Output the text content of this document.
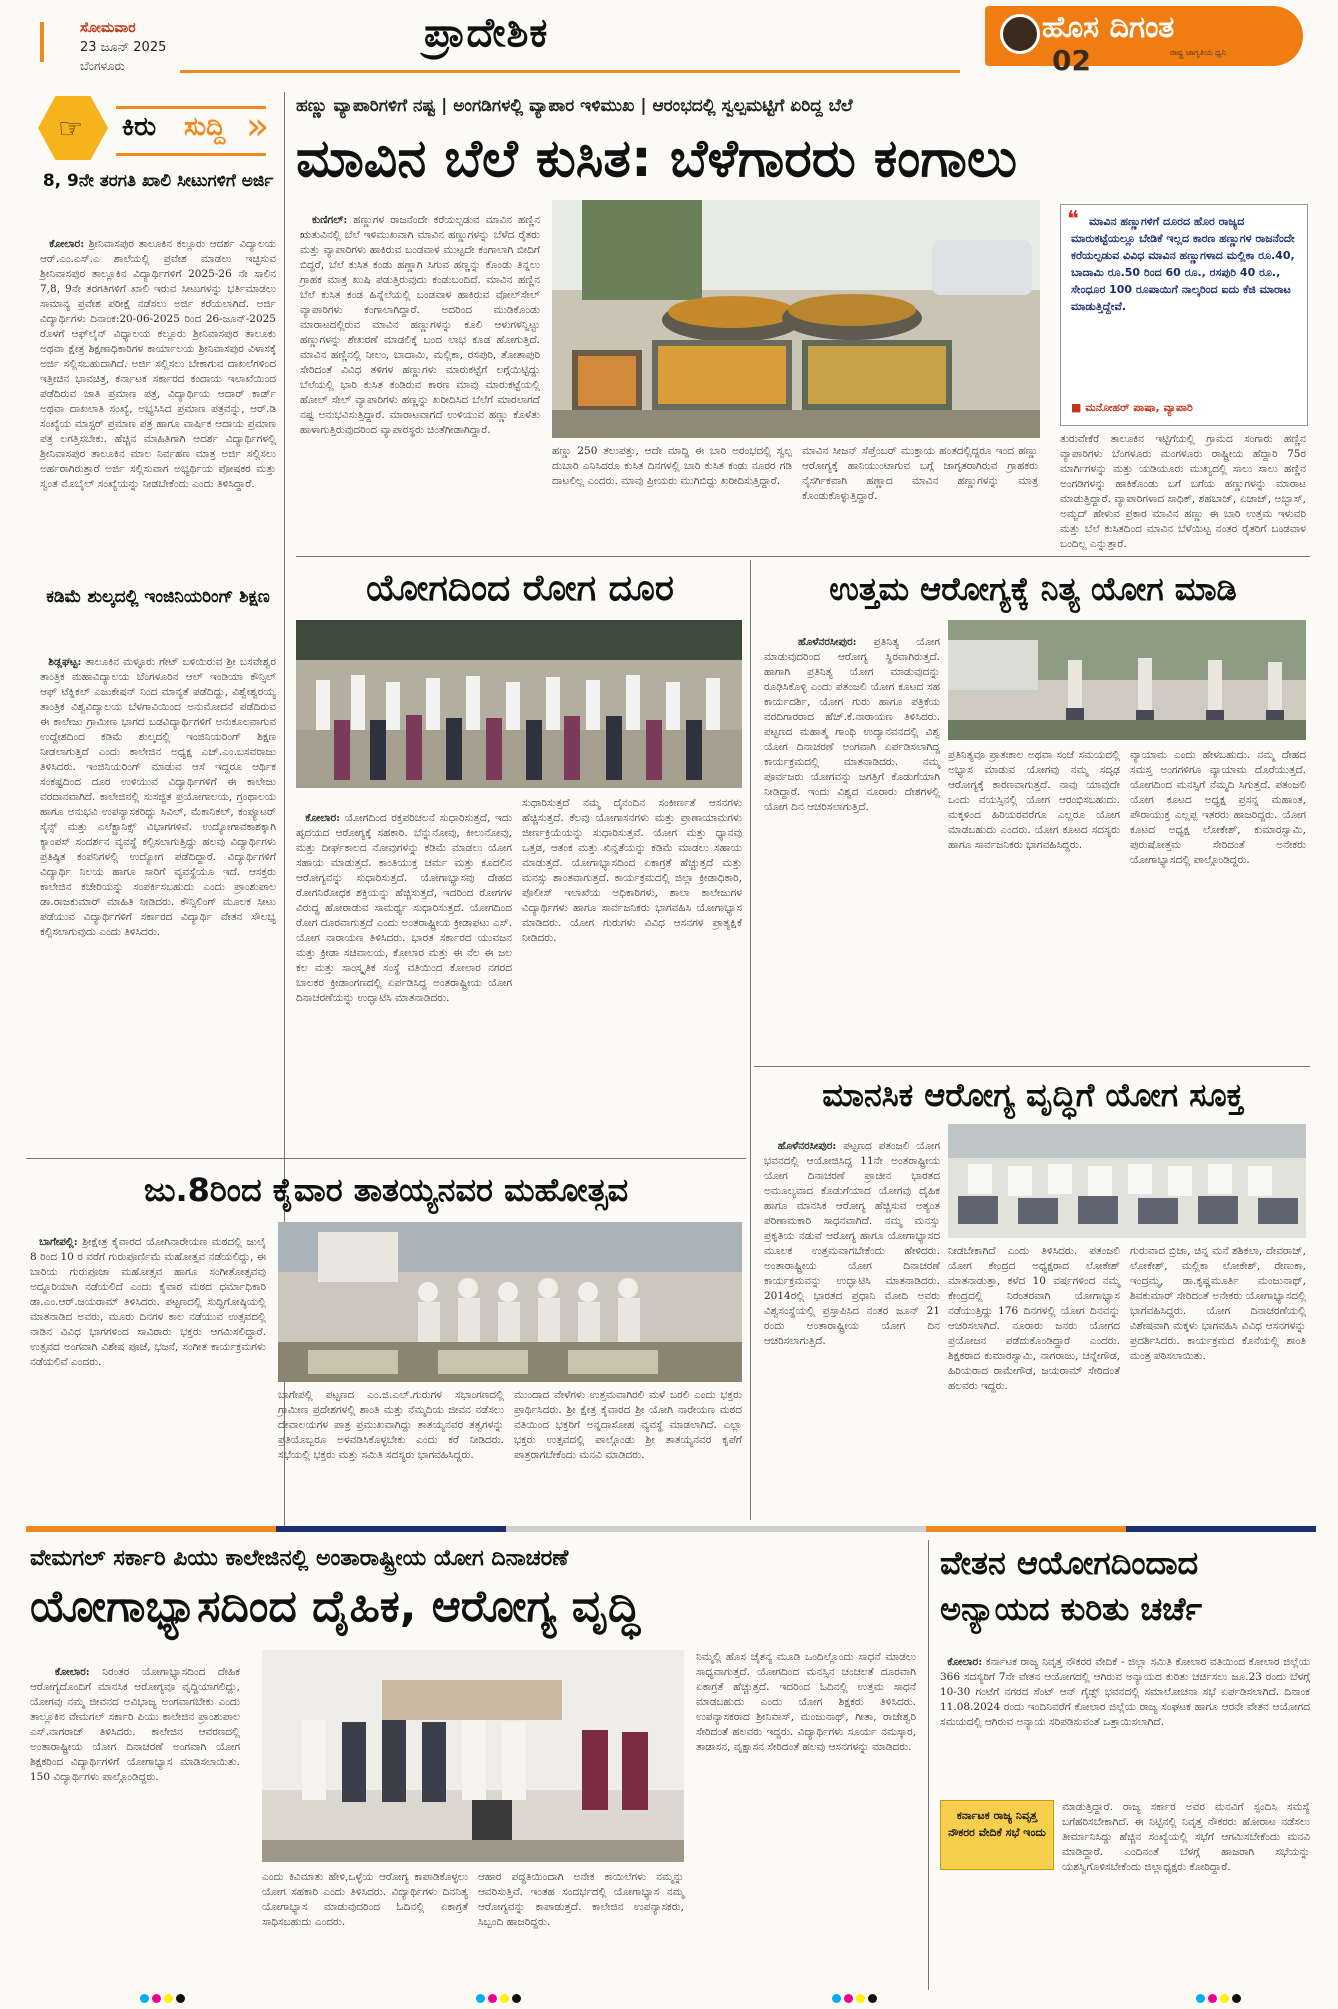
ಸೋಮವಾರ
23 ಜೂನ್ 2025
ಬೆಂಗಳೂರು
ಪ್ರಾದೇಶಿಕ	ಹೊಸ ದಿಗಂತ
ರಾಷ್ಟ್ರ ಜಾಗೃತಿಯ ಧ್ವನಿ
02
☞ ಕಿರು ಸುದ್ದಿ »
8, 9ನೇ ತರಗತಿ ಖಾಲಿ ಸೀಟುಗಳಿಗೆ ಅರ್ಜಿ

ಕೋಲಾರ: ಶ್ರೀನಿವಾಸಪುರ ತಾಲೂಕಿನ ಕಲ್ಲೂರು ಆದರ್ಶ ವಿದ್ಯಾಲಯ ಆರ್.ಎಂ.ಎಸ್.ಎ ಶಾಲೆಯಲ್ಲಿ ಪ್ರವೇಶ ಮಾಡಲು ಇಚ್ಛಿಸುವ ಶ್ರೀನಿವಾಸಪುರ ತಾಲ್ಲೂಕಿನ ವಿದ್ಯಾರ್ಥಿಗಳಿಗೆ 2025-26 ನೇ ಸಾಲಿನ 7,8, 9ನೇ ತರಗತಿಗಳಿಗೆ ಖಾಲಿ ಇರುವ ಸೀಟುಗಳನ್ನು ಭರ್ತಿಮಾಡಲು ಸಾಮಾನ್ಯ ಪ್ರವೇಶ ಪರೀಕ್ಷೆ ನಡೆಸಲು ಅರ್ಜಿ ಕರೆಯಲಾಗಿದೆ. ಅರ್ಜಿ ವಿದ್ಯಾರ್ಥಿಗಳು ದಿನಾಂಕ:20-06-2025 ರಿಂದ 26-ಜೂನ್-2025 ರೊಳಗೆ ಆಫ್‌ಲೈನ್ ವಿಧ್ಯಾಲಯ ಕಲ್ಲೂರು ಶ್ರೀನಿವಾಸಪುರ ತಾಲೂಕು ಅಥವಾ ಕ್ಷೇತ್ರ ಶಿಕ್ಷಣಾಧಿಕಾರಿಗಳ ಕಾರ್ಯಾಲಯ ಶ್ರೀನಿವಾಸಪುರ ವಿಳಾಸಕ್ಕೆ ಅರ್ಜಿ ಸಲ್ಲಿಸಬಹುದಾಗಿದೆ. ಅರ್ಜಿ ಸಲ್ಲಿಸಲು ಬೇಕಾಗುವ ದಾಖಲೆಗಳಿಂದ ಇತ್ತೀಚಿನ ಭಾವಚಿತ್ರ, ಕರ್ನಾಟಕ ಸರ್ಕಾರದ ಕಂದಾಯ ಇಲಾಖೆಯಿಂದ ಪಡೆದಿರುವ ಜಾತಿ ಪ್ರಮಾಣ ಪತ್ರ, ವಿದ್ಯಾರ್ಥಿಯ ಆದಾರ್ ಕಾರ್ಡ್ ಅಥವಾ ದಾಖಲಾತಿ ಸಂಖ್ಯೆ, ಅಭ್ಯಸಿಸಿದ ಪ್ರಮಾಣ ಪತ್ರವನ್ನು, ಆರ್.ಡಿ ಸಂಖ್ಯೆಯ ಮಾಸ್ಟರ್ ಪ್ರಮಾಣ ಪತ್ರ ಹಾಗೂ ವಾರ್ಷಿಕ ಆದಾಯ ಪ್ರಮಾಣ ಪತ್ರ ಲಗತ್ತಿಸಬೇಕು. ಹೆಚ್ಚಿನ ಮಾಹಿತಿಗಾಗಿ ಆದರ್ಶ ವಿದ್ಯಾರ್ಥಿಗಳಲ್ಲಿ ಶ್ರೀನಿವಾಸಪುರ ತಾಲೂಕಿನ ಮಾಲ ನಿರ್ವಹಣ ಮಾತ್ರ ಅರ್ಜಿ ಸಲ್ಲಿಸಲು ಅರ್ಹರಾಗಿರುತ್ತಾರೆ ಅರ್ಜಿ ಸಲ್ಲಿಸುವಾಗ ಅಭ್ಯರ್ಥಿಯ ಪೋಷಕರ ಮತ್ತು ಸ್ವಂತ ಮೊಬೈಲ್ ಸಂಖ್ಯೆಯನ್ನು ನೀಡಬೇಕೆಂದು ಎಂದು ತಿಳಿಸಿದ್ದಾರೆ.

ಕಡಿಮೆ ಶುಲ್ಕದಲ್ಲಿ ಇಂಜಿನಿಯರಿಂಗ್ ಶಿಕ್ಷಣ

ಶಿಡ್ಲಘಟ್ಟ: ತಾಲೂಕಿನ ಮಳ್ಳೂರು ಗೇಟ್ ಬಳಿಯಿರುವ ಶ್ರೀ ಬಸವೇಶ್ವರ ತಾಂತ್ರಿಕ ಮಹಾವಿದ್ಯಾಲಯ ಬೆಂಗಳೂರಿನ ಆಲ್ ಇಂಡಿಯಾ ಕೌನ್ಸಿಲ್ ಆಫ್ ಟೆಕ್ನಿಕಲ್ ಎಜುಕೇಷನ್ ನಿಂದ ಮಾನ್ಯತೆ ಪಡೆದಿದ್ದು, ವಿಶ್ವೇಶ್ವರಯ್ಯ ತಾಂತ್ರಿಕ ವಿಶ್ವವಿದ್ಯಾಲಯ ಬೆಳಗಾವಿಯಿಂದ ಅನುಮೋದನೆ ಪಡೆದಿರುವ ಈ ಕಾಲೇಜು ಗ್ರಾಮೀಣ ಭಾಗದ ಬಡವಿದ್ಯಾರ್ಥಿಗಳಿಗೆ ಅನುಕೂಲವಾಗುವ ಉದ್ದೇಶದಿಂದ ಕಡಿಮೆ ಶುಲ್ಕದಲ್ಲಿ ಇಂಜಿನಿಯರಿಂಗ್ ಶಿಕ್ಷಣ ನೀಡಲಾಗುತ್ತಿದೆ ಎಂದು ಕಾಲೇಜಿನ ಅಧ್ಯಕ್ಷ ಎಚ್.ಎಂ.ಬಸವರಾಜು ತಿಳಿಸಿದರು. ಇಂಜಿನಿಯರಿಂಗ್ ಮಾಡುವ ಆಸೆ ಇದ್ದರೂ ಆರ್ಥಿಕ ಸಂಕಷ್ಟದಿಂದ ದೂರ ಉಳಿಯುವ ವಿದ್ಯಾರ್ಥಿಗಳಿಗೆ ಈ ಕಾಲೇಜು ವರದಾನವಾಗಿದೆ. ಕಾಲೇಜಿನಲ್ಲಿ ಸುಸಜ್ಜಿತ ಪ್ರಯೋಗಾಲಯ, ಗ್ರಂಥಾಲಯ ಹಾಗೂ ಅನುಭವಿ ಉಪನ್ಯಾಸಕರಿದ್ದು ಸಿವಿಲ್, ಮೆಕಾನಿಕಲ್, ಕಂಪ್ಯೂಟರ್ ಸೈನ್ಸ್ ಮತ್ತು ಎಲೆಕ್ಟ್ರಾನಿಕ್ಸ್ ವಿಭಾಗಗಳಿವೆ. ಉದ್ಯೋಗಾವಕಾಶಕ್ಕಾಗಿ ಕ್ಯಾಂಪಸ್ ಸಂದರ್ಶನ ವ್ಯವಸ್ಥೆ ಕಲ್ಪಿಸಲಾಗುತ್ತಿದ್ದು ಹಲವು ವಿದ್ಯಾರ್ಥಿಗಳು ಪ್ರತಿಷ್ಠಿತ ಕಂಪನಿಗಳಲ್ಲಿ ಉದ್ಯೋಗ ಪಡೆದಿದ್ದಾರೆ. ವಿದ್ಯಾರ್ಥಿಗಳಿಗೆ ವಿದ್ಯಾರ್ಥಿ ನಿಲಯ ಹಾಗೂ ಸಾರಿಗೆ ವ್ಯವಸ್ಥೆಯೂ ಇದೆ. ಆಸಕ್ತರು ಕಾಲೇಜಿನ ಕಚೇರಿಯನ್ನು ಸಂಪರ್ಕಿಸಬಹುದು ಎಂದು ಪ್ರಾಂಶುಪಾಲ ಡಾ.ರಾಜಕುಮಾರ್ ಮಾಹಿತಿ ನೀಡಿದರು. ಕೌನ್ಸಿಲಿಂಗ್ ಮೂಲಕ ಸೀಟು ಪಡೆಯುವ ವಿದ್ಯಾರ್ಥಿಗಳಿಗೆ ಸರ್ಕಾರದ ವಿದ್ಯಾರ್ಥಿ ವೇತನ ಸೌಲಭ್ಯ ಕಲ್ಪಿಸಲಾಗುವುದು ಎಂದು ತಿಳಿಸಿದರು.

ಹಣ್ಣು ವ್ಯಾಪಾರಿಗಳಿಗೆ ನಷ್ಟ | ಅಂಗಡಿಗಳಲ್ಲಿ ವ್ಯಾಪಾರ ಇಳಿಮುಖ | ಆರಂಭದಲ್ಲಿ ಸ್ವಲ್ಪಮಟ್ಟಿಗೆ ಏರಿದ್ದ ಬೆಲೆ
ಮಾವಿನ ಬೆಲೆ ಕುಸಿತ: ಬೆಳೆಗಾರರು ಕಂಗಾಲು

ಕುಣಿಗಲ್: ಹಣ್ಣುಗಳ ರಾಜನೆಂದೇ ಕರೆಯಲ್ಪಡುವ ಮಾವಿನ ಹಣ್ಣಿನ ಋತುವಿನಲ್ಲಿ ಬೆಲೆ ಇಳಿಮುಖವಾಗಿ ಮಾವಿನ ಹಣ್ಣುಗಳನ್ನು ಬೆಳೆದ ರೈತರು ಮತ್ತು ವ್ಯಾಪಾರಿಗಳು ಹಾಕಿರುವ ಬಂಡವಾಳ ಮುಟ್ಟದೇ ಕಂಗಾಲಾಗಿ ಬೀದಿಗೆ ಬಿದ್ದರೆ, ಬೆಲೆ ಕುಸಿತ ಕಂಡು ಹಣ್ಣಾಗಿ ಸಿಗುವ ಹಣ್ಣನ್ನು ಕೊಂಡು ತಿನ್ನಲು ಗ್ರಾಹಕ ಮಾತ್ರ ಖುಷಿ ಪಡುತ್ತಿರುವುದು ಕಂಡುಬಂದಿದೆ. ಮಾವಿನ ಹಣ್ಣಿನ ಬೆಲೆ ಕುಸಿತ ಕಂಡ ಹಿನ್ನೆಲೆಯಲ್ಲಿ ಬಂಡವಾಳ ಹಾಕಿರುವ ವೋಲ್‌ಸೇಲ್ ವ್ಯಾಪಾರಿಗಳು ಕಂಗಾಲಾಗಿದ್ದಾರೆ. ಅದರಿಂದ ಮುಡಿಕೊಂಡು ಮಾರಾಟದಲ್ಲಿರುವ ಮಾವಿನ ಹಣ್ಣುಗಳನ್ನು ಕೂಲಿ ಆಳುಗಳನ್ನಿಟ್ಟು ಹಣ್ಣುಗಳನ್ನು ಶೇಖರಣೆ ಮಾಡಲಿಕ್ಕೆ ಬಂದ ಲಾಭ ಕೂಡ ಹೋಗುತ್ತಿದೆ. ಮಾವಿನ ಹಣ್ಣಿನಲ್ಲಿ ನೀಲಂ, ಬಾದಾಮಿ, ಮಲ್ಲಿಕಾ, ರಸಪುರಿ, ತೋತಾಪುರಿ ಸೇರಿದಂತೆ ವಿವಿಧ ತಳಿಗಳ ಹಣ್ಣುಗಳು ಮಾರುಕಟ್ಟೆಗೆ ಲಗ್ಗೆಯಿಟ್ಟಿದ್ದು ಬೆಲೆಯಲ್ಲಿ ಭಾರಿ ಕುಸಿತ ಕಂಡಿರುವ ಕಾರಣ ಮಾವು ಮಾರುಕಟ್ಟೆಯಲ್ಲಿ ಹೋಲ್ ಸೇಲ್ ವ್ಯಾಪಾರಿಗಳು ಹಣ್ಣನ್ನು ಖರೀದಿಸಿದ ಬೆಲೆಗೆ ಮಾರಲಾಗದೆ ನಷ್ಟ ಅನುಭವಿಸುತ್ತಿದ್ದಾರೆ. ಮಾರಾಟವಾಗದೆ ಉಳಿಯುವ ಹಣ್ಣು ಕೊಳೆತು ಹಾಳಾಗುತ್ತಿರುವುದರಿಂದ ವ್ಯಾಪಾರಸ್ಥರು ಚಿಂತೆಗೀಡಾಗಿದ್ದಾರೆ.

ಹಣ್ಣು 250 ತಲುಪತ್ತು, ಆದೇ ಮಾದ್ದಿ ಈ ಬಾರಿ ಅರಂಭದಲ್ಲಿ ಸ್ವಲ್ಪ ದುಬಾರಿ ಎನಿಸಿದರೂ ಕುಸಿತ ದಿನಗಳಲ್ಲಿ ಬಾರಿ ಕುಸಿತ ಕಂಡು ನೂರರ ಗಡಿ ದಾಟಲಿಲ್ಲ ಎಂದರು. ಮಾವು ಪ್ರೀಯರು ಮುಗಿಬಿದ್ದು ಖರೀದಿಸುತ್ತಿದ್ದಾರೆ.
ಮಾವಿನ ಸೀಜನ್ ಸೆಪ್ತೆಂಬರ್ ಮುಕ್ತಾಯ ಹಂತದಲ್ಲಿದ್ದರೂ ಇಂದ ಹಣ್ಣು ಆರೋಗ್ಯಕ್ಕೆ ಹಾನಿಯುಂಟಾಗುವ ಬಗ್ಗೆ ಜಾಗೃತರಾಗಿರುವ ಗ್ರಾಹಕರು ನೈಸರ್ಗಿಕವಾಗಿ ಹಣ್ಣಾದ ಮಾವಿನ ಹಣ್ಣುಗಳನ್ನು ಮಾತ್ರ ಕೊಂಡುಕೊಳ್ಳುತ್ತಿದ್ದಾರೆ.
❝ ಮಾವಿನ ಹಣ್ಣುಗಳಿಗೆ ದೂರದ ಹೊರ ರಾಜ್ಯದ ಮಾರುಕಟ್ಟೆಯಲ್ಲೂ ಬೇಡಿಕೆ ಇಲ್ಲದ ಕಾರಣ ಹಣ್ಣುಗಳ ರಾಜನೆಂದೇ ಕರೆಯಲ್ಪಡುವ ವಿವಿಧ ಮಾವಿನ ಹಣ್ಣುಗಳಾದ ಮಲ್ಲಿಕಾ ರೂ.40, ಬಾದಾಮಿ ರೂ.50 ರಿಂದ 60 ರೂ., ರಸಪುರಿ 40 ರೂ., ಸೇಂಧೂರ 100 ರೂಪಾಯಿಗೆ ನಾಲ್ಕರಿಂದ ಐದು ಕೆಜಿ ಮಾರಾಟ ಮಾಡುತ್ತಿದ್ದೇವೆ.
■ ಮನೋಹರ್ ಪಾಷಾ, ವ್ಯಾಪಾರಿ
ತುರುವೇಕೆರೆ ತಾಲೂಕಿನ ಇಟ್ಟಿಗೆಯಲ್ಲಿ ಗ್ರಾಮದ ಸಂಗಾರು ಹಣ್ಣಿನ ವ್ಯಾಪಾರಿಗಳು ಬೆಂಗಳೂರು ಮಂಗಳೂರು ರಾಷ್ಟ್ರೀಯ ಹೆದ್ದಾರಿ 75ರ ಮಾರ್ಗಿಗಳನ್ನು ಮತ್ತು ಯಡಿಯೂರು ಮುಖ್ಯದಲ್ಲಿ ಸಾಲು ಸಾಲು ಹಣ್ಣಿನ ಅಂಗಡಿಗಳನ್ನು ಹಾಕಿಕೊಂಡು ಬಗೆ ಬಗೆಯ ಹಣ್ಣುಗಳನ್ನು ಮಾರಾಟ ಮಾಡುತ್ತಿದ್ದಾರೆ. ವ್ಯಾಪಾರಿಗಳಾದ ಸಾಧಿಕ್, ಶಹಬಾಜ್, ಏಜಾಜ್, ಅಬ್ಬಾಸ್, ಅಮ್ಜದ್ ಹೇಳುವ ಪ್ರಕಾರ ಮಾವಿನ ಹಣ್ಣು ಈ ಬಾರಿ ಉತ್ತಮ ಇಳುವರಿ ಮತ್ತು ಬೆಲೆ ಕುಸಿತದಿಂದ ಮಾವಿನ ಬೆಳೆಯಿಟ್ಟ ನಂತರ ರೈತರಿಗೆ ಬಂಡವಾಳ ಬಂದಿಲ್ಲ ಎನ್ನುತ್ತಾರೆ.
ಯೋಗದಿಂದ ರೋಗ ದೂರ

ಕೋಲಾರ: ಯೋಗದಿಂದ ರಕ್ತಪರಿಚಲನೆ ಸುಧಾರಿಸುತ್ತದೆ, ಇದು ಹೃದಯದ ಆರೋಗ್ಯಕ್ಕೆ ಸಹಕಾರಿ. ಬೆನ್ನುನೋವು, ಕೀಲುನೋವು, ಮತ್ತು ದೀರ್ಘಕಾಲದ ನೋವುಗಳನ್ನು ಕಡಿಮೆ ಮಾಡಲು ಯೋಗ ಸಹಾಯ ಮಾಡುತ್ತದೆ. ಕಾಂತಿಯುಕ್ತ ಚರ್ಮ ಮತ್ತು ಕೂದಲಿನ ಆರೋಗ್ಯವನ್ನು ಸುಧಾರಿಸುತ್ತದೆ. ಯೋಗಾಭ್ಯಾಸವು ದೇಹದ ರೋಗನಿರೋಧಕ ಶಕ್ತಿಯನ್ನು ಹೆಚ್ಚಿಸುತ್ತದೆ, ಇದರಿಂದ ರೋಗಗಳ ವಿರುದ್ಧ ಹೋರಾಡುವ ಸಾಮರ್ಥ್ಯ ಸುಧಾರಿಸುತ್ತದೆ. ಯೋಗದಿಂದ ರೋಗ ದೂರವಾಗುತ್ತದೆ ಎಂದು ಅಂತರಾಷ್ಟ್ರೀಯ ಕ್ರೀಡಾಪಟು ಎಸ್. ಯೋಗ ನಾರಾಯಣ ತಿಳಿಸಿದರು. ಭಾರತ ಸರ್ಕಾರದ ಯುವಜನ ಮತ್ತು ಕ್ರೀಡಾ ಸಚಿವಾಲಯ, ಕೋಲಾರ ಮತ್ತು ಈ ನೆಲ ಈ ಜಲ ಕಲ ಮತ್ತು ಸಾಂಸ್ಕೃತಿಕ ಸಂಸ್ಥೆ ವತಿಯಿಂದ ಕೋಲಾರ ನಗರದ ಬಾಲಕರ ಕ್ರೀಡಾಂಗಣದಲ್ಲಿ ಏರ್ಪಡಿಸಿದ್ದ ಅಂತರಾಷ್ಟ್ರೀಯ ಯೋಗ ದಿನಾಚರಣೆಯನ್ನು ಉದ್ಘಾಟಿಸಿ ಮಾತನಾಡಿದರು.

ಸುಧಾರಿಸುತ್ತದೆ ನಮ್ಮ ದೈನಂದಿನ ಸಂಕೀರ್ಣತೆ ಆಸನಗಳು ಹೆಚ್ಚಿಸುತ್ತದೆ. ಕೆಲವು ಯೋಗಾಸನಗಳು ಮತ್ತು ಪ್ರಾಣಾಯಾಮಗಳು ಜೀರ್ಣಕ್ರಿಯೆಯನ್ನು ಸುಧಾರಿಸುತ್ತವೆ. ಯೋಗ ಮತ್ತು ಧ್ಯಾನವು ಒತ್ತಡ, ಆತಂಕ ಮತ್ತು ಖಿನ್ನತೆಯನ್ನು ಕಡಿಮೆ ಮಾಡಲು ಸಹಾಯ ಮಾಡುತ್ತದೆ. ಯೋಗಾಭ್ಯಾಸದಿಂದ ಏಕಾಗ್ರತೆ ಹೆಚ್ಚುತ್ತದೆ ಮತ್ತು ಮನಸ್ಸು ಶಾಂತವಾಗುತ್ತದೆ. ಕಾರ್ಯಕ್ರಮದಲ್ಲಿ ಜಿಲ್ಲಾ ಕ್ರೀಡಾಧಿಕಾರಿ, ಪೊಲೀಸ್ ಇಲಾಖೆಯ ಅಧಿಕಾರಿಗಳು, ಶಾಲಾ ಕಾಲೇಜುಗಳ ವಿದ್ಯಾರ್ಥಿಗಳು ಹಾಗೂ ಸಾರ್ವಜನಿಕರು ಭಾಗವಹಿಸಿ ಯೋಗಾಭ್ಯಾಸ ಮಾಡಿದರು. ಯೋಗ ಗುರುಗಳು ವಿವಿಧ ಆಸನಗಳ ಪ್ರಾತ್ಯಕ್ಷಿಕೆ ನೀಡಿದರು.
ಉತ್ತಮ ಆರೋಗ್ಯಕ್ಕೆ ನಿತ್ಯ ಯೋಗ ಮಾಡಿ

ಹೊಳೆನರಸೀಪುರ: ಪ್ರತಿನಿತ್ಯ ಯೋಗ ಮಾಡುವುದರಿಂದ ಆರೋಗ್ಯ ಸ್ಥಿರವಾಗಿರುತ್ತದೆ. ಹಾಗಾಗಿ ಪ್ರತಿನಿತ್ಯ ಯೋಗ ಮಾಡುವುದನ್ನು ರೂಢಿಸಿಕೊಳ್ಳಿ ಎಂದು ಪತಂಜಲಿ ಯೋಗ ಕೂಟದ ಸಹ ಕಾರ್ಯದರ್ಶಿ, ಯೋಗ ಗುರು ಹಾಗೂ ಪತ್ರಿಕೆಯ ವರದಿಗಾರರಾದ ಹೆಚ್.ಕೆ.ನಾರಾಯಣ ತಿಳಿಸಿದರು. ಪಟ್ಟಣದ ಮಹಾತ್ಮ ಗಾಂಧಿ ಉದ್ಯಾನವನದಲ್ಲಿ ವಿಶ್ವ ಯೋಗ ದಿನಾಚರಣೆ ಅಂಗವಾಗಿ ಏರ್ಪಡಿಸಲಾಗಿದ್ದ ಕಾರ್ಯಕ್ರಮದಲ್ಲಿ ಮಾತನಾಡಿದರು. ನಮ್ಮ ಪೂರ್ವಜರು ಯೋಗವನ್ನು ಜಗತ್ತಿಗೆ ಕೊಡುಗೆಯಾಗಿ ನೀಡಿದ್ದಾರೆ. ಇಂದು ವಿಶ್ವದ ನೂರಾರು ದೇಶಗಳಲ್ಲಿ ಯೋಗ ದಿನ ಆಚರಿಸಲಾಗುತ್ತಿದೆ.

ಪ್ರತಿನಿತ್ಯವೂ ಪ್ರಾತಃಕಾಲ ಅಥವಾ ಸಂಜೆ ಸಮಯದಲ್ಲಿ ಅಭ್ಯಾಸ ಮಾಡುವ ಯೋಗವು ನಮ್ಮ ಸದೃಢ ಆರೋಗ್ಯಕ್ಕೆ ಕಾರಣವಾಗುತ್ತದೆ. ನಾವು ಯಾವುದೇ ಒಂದು ವಯಸ್ಸಿನಲ್ಲಿ ಯೋಗ ಆರಂಭಿಸಬಹುದು. ಮಕ್ಕಳಿಂದ ಹಿರಿಯರವರೆಗೂ ಎಲ್ಲರೂ ಯೋಗ ಮಾಡಬಹುದು ಎಂದರು. ಯೋಗ ಕೂಟದ ಸದಸ್ಯರು ಹಾಗೂ ಸಾರ್ವಜನಿಕರು ಭಾಗವಹಿಸಿದ್ದರು.
ವ್ಯಾಯಾಮ ಎಂದು ಹೇಳಬಹುದು. ನಮ್ಮ ದೇಹದ ಸಮಸ್ತ ಅಂಗಗಳಿಗೂ ವ್ಯಾಯಾಮ ದೊರೆಯುತ್ತದೆ. ಯೋಗದಿಂದ ಮನಸ್ಸಿಗೆ ನೆಮ್ಮದಿ ಸಿಗುತ್ತದೆ. ಪತಂಜಲಿ ಯೋಗ ಕೂಟದ ಅಧ್ಯಕ್ಷ ಪ್ರಸನ್ನ ಮಹಾಂತ, ಪೌರಾಯುಕ್ತ ಎಲ್ಲಪ್ಪ ಇತರರು ಹಾಜರಿದ್ದರು. ಯೋಗ ಕೂಟದ ಅಧ್ಯಕ್ಷ ಲೋಕೇಶ್, ಕುಮಾರಸ್ವಾಮಿ, ಪುರುಷೋತ್ತಮ ಸೇರಿದಂತೆ ಅನೇಕರು ಯೋಗಾಭ್ಯಾಸದಲ್ಲಿ ಪಾಲ್ಗೊಂಡಿದ್ದರು.
ಮಾನಸಿಕ ಆರೋಗ್ಯ ವೃದ್ಧಿಗೆ ಯೋಗ ಸೂಕ್ತ

ಹೊಳೆನರಸೀಪುರ: ಪಟ್ಟಣದ ಪತಂಜಲಿ ಯೋಗ ಭವನದಲ್ಲಿ ಆಯೋಜಿಸಿದ್ದ 11ನೇ ಅಂತರಾಷ್ಟ್ರೀಯ ಯೋಗ ದಿನಾಚರಣೆ ಪ್ರಾಚೀನ ಭಾರತದ ಅಮೂಲ್ಯವಾದ ಕೊಡುಗೆಯಾದ ಯೋಗವು ದೈಹಿಕ ಹಾಗೂ ಮಾನಸಿಕ ಆರೋಗ್ಯ ಹೆಚ್ಚಿಸುವ ಅತ್ಯಂತ ಪರಿಣಾಮಕಾರಿ ಸಾಧನವಾಗಿದೆ. ನಮ್ಮ ಮನಸ್ಸು ಪ್ರಕೃತಿಯ ನಡುವೆ ಆರೋಗ್ಯ ಹಾಗೂ ಯೋಗಾಭ್ಯಾಸದ ಮೂಲಕ ಉತ್ತಮವಾಗಬೇಕೆಂದು ಹೇಳಿದರು. ಅಂತಾರಾಷ್ಟ್ರೀಯ ಯೋಗ ದಿನಾಚರಣೆ ಕಾರ್ಯಕ್ರಮವನ್ನು ಉದ್ಘಾಟಿಸಿ ಮಾತನಾಡಿದರು. 2014ರಲ್ಲಿ ಭಾರತದ ಪ್ರಧಾನಿ ಮೋದಿ ಅವರು ವಿಶ್ವಸಂಸ್ಥೆಯಲ್ಲಿ ಪ್ರಸ್ತಾಪಿಸಿದ ನಂತರ ಜೂನ್ 21 ರಂದು ಅಂತಾರಾಷ್ಟ್ರೀಯ ಯೋಗ ದಿನ ಆಚರಿಸಲಾಗುತ್ತಿದೆ.

ನೀಡಬೇಕಾಗಿದೆ ಎಂದು ತಿಳಿಸಿದರು. ಪತಂಜಲಿ ಯೋಗ ಕೇಂದ್ರದ ಅಧ್ಯಕ್ಷರಾದ ಲೋಕೇಶ್ ಮಾತನಾಡುತ್ತಾ, ಕಳೆದ 10 ವರ್ಷಗಳಿಂದ ನಮ್ಮ ಕೇಂದ್ರದಲ್ಲಿ ನಿರಂತರವಾಗಿ ಯೋಗಾಭ್ಯಾಸ ನಡೆಯುತ್ತಿದ್ದು 176 ದಿನಗಳಲ್ಲಿ ಯೋಗ ದಿನವನ್ನು ಆಚರಿಸಲಾಗಿದೆ. ನೂರಾರು ಜನರು ಯೋಗದ ಪ್ರಯೋಜನ ಪಡೆದುಕೊಂಡಿದ್ದಾರೆ ಎಂದರು. ಶಿಕ್ಷಕರಾದ ಕುಮಾರಸ್ವಾಮಿ, ನಾಗರಾಜು, ಚನ್ನೇಗೌಡ, ಹಿರಿಯರಾದ ರಾಮೇಗೌಡ, ಜಯರಾಮ್ ಸೇರಿದಂತೆ ಹಲವರು ಇದ್ದರು.
ಗುರುವಾದ ಬ್ರಿಜಾ, ಚಿನ್ನ ಮನೆ ಶಶಿಕಲಾ, ದೇವರಾಜ್, ಲೋಕೇಶ್, ಮಲ್ಲಿಕಾ ಲೋಕೇಶ್, ರೇಣುಕಾ, ಇಂದ್ರಮ್ಮ, ಡಾ.ಕೃಷ್ಣಮೂರ್ತಿ ಮಂಜುನಾಥ್, ಶಿವಕುಮಾರ್ ಸೇರಿದಂತೆ ಅನೇಕರು ಯೋಗಾಭ್ಯಾಸದಲ್ಲಿ ಭಾಗವಹಿಸಿದ್ದರು. ಯೋಗ ದಿನಾಚರಣೆಯಲ್ಲಿ ವಿಶೇಷವಾಗಿ ಮಕ್ಕಳು ಭಾಗವಹಿಸಿ ವಿವಿಧ ಆಸನಗಳನ್ನು ಪ್ರದರ್ಶಿಸಿದರು. ಕಾರ್ಯಕ್ರಮದ ಕೊನೆಯಲ್ಲಿ ಶಾಂತಿ ಮಂತ್ರ ಪಠಿಸಲಾಯಿತು.
ಜು.8ರಿಂದ ಕೈವಾರ ತಾತಯ್ಯನವರ ಮಹೋತ್ಸವ

ಬಾಗೇಪಲ್ಲಿ: ಶ್ರೀಕ್ಷೇತ್ರ ಕೈವಾರದ ಯೋಗಿನಾರೇಯಣ ಮಠದಲ್ಲಿ ಜುಲೈ 8 ರಿಂದ 10 ರ ವರೆಗೆ ಗುರುಪೂರ್ಣಿಮೆ ಮಹೋತ್ಸವ ನಡೆಯಲಿದ್ದು, ಈ ಬಾರಿಯ ಗುರುಪೂಜಾ ಮಹೋತ್ಸವ ಹಾಗೂ ಸಂಗೀತೋತ್ಸವವು ಅದ್ದೂರಿಯಾಗಿ ನಡೆಯಲಿದೆ ಎಂದು ಕೈವಾರ ಮಠದ ಧರ್ಮಾಧಿಕಾರಿ ಡಾ.ಎಂ.ಆರ್.ಜಯರಾಮ್ ತಿಳಿಸಿದರು. ಪಟ್ಟಣದಲ್ಲಿ ಸುದ್ದಿಗೋಷ್ಠಿಯಲ್ಲಿ ಮಾತನಾಡಿದ ಅವರು, ಮೂರು ದಿನಗಳ ಕಾಲ ನಡೆಯುವ ಉತ್ಸವದಲ್ಲಿ ನಾಡಿನ ವಿವಿಧ ಭಾಗಗಳಿಂದ ಸಾವಿರಾರು ಭಕ್ತರು ಆಗಮಿಸಲಿದ್ದಾರೆ. ಉತ್ಸವದ ಅಂಗವಾಗಿ ವಿಶೇಷ ಪೂಜೆ, ಭಜನೆ, ಸಂಗೀತ ಕಾರ್ಯಕ್ರಮಗಳು ನಡೆಯಲಿವೆ ಎಂದರು.

ಬಾಗೇಪಲ್ಲಿ ಪಟ್ಟಣದ ಎಂ.ಜಿ.ಎಲ್.ಗುರುಗಳ ಸಭಾಂಗಣದಲ್ಲಿ ಗ್ರಾಮೀಣ ಪ್ರದೇಶಗಳಲ್ಲಿ ಶಾಂತಿ ಮತ್ತು ನೆಮ್ಮದಿಯ ಜೀವನ ನಡೆಸಲು ದೇವಾಲಯಗಳ ಪಾತ್ರ ಪ್ರಮುಖವಾಗಿದ್ದು ತಾತಯ್ಯನವರ ತತ್ವಗಳನ್ನು ಪ್ರತಿಯೊಬ್ಬರೂ ಅಳವಡಿಸಿಕೊಳ್ಳಬೇಕು ಎಂದು ಕರೆ ನೀಡಿದರು. ಸಭೆಯಲ್ಲಿ ಭಕ್ತರು ಮತ್ತು ಸಮಿತಿ ಸದಸ್ಯರು ಭಾಗವಹಿಸಿದ್ದರು.
ಮುಂದಾದ ವೇಳೆಗಳು ಉತ್ತಮವಾಗಿರಲಿ ಮಳೆ ಬರಲಿ ಎಂದು ಭಕ್ತರು ಪ್ರಾರ್ಥಿಸಿದರು. ಶ್ರೀ ಕ್ಷೇತ್ರ ಕೈವಾರದ ಶ್ರೀ ಯೋಗಿ ನಾರೇಯಣ ಮಠದ ವತಿಯಿಂದ ಭಕ್ತರಿಗೆ ಅನ್ನದಾಸೋಹ ವ್ಯವಸ್ಥೆ ಮಾಡಲಾಗಿದೆ. ಎಲ್ಲಾ ಭಕ್ತರು ಉತ್ಸವದಲ್ಲಿ ಪಾಲ್ಗೊಂಡು ಶ್ರೀ ತಾತಯ್ಯನವರ ಕೃಪೆಗೆ ಪಾತ್ರರಾಗಬೇಕೆಂದು ಮನವಿ ಮಾಡಿದರು.
ವೇಮಗಲ್ ಸರ್ಕಾರಿ ಪಿಯು ಕಾಲೇಜಿನಲ್ಲಿ ಅಂತಾರಾಷ್ಟ್ರೀಯ ಯೋಗ ದಿನಾಚರಣೆ
ಯೋಗಾಭ್ಯಾಸದಿಂದ ದೈಹಿಕ, ಆರೋಗ್ಯ ವೃದ್ಧಿ

ಕೋಲಾರ: ನಿರಂತರ ಯೋಗಾಭ್ಯಾಸದಿಂದ ದೇಹಿಕ ಆರೋಗ್ಯದೊಂದಿಗೆ ಮಾನಸಿಕ ಆರೋಗ್ಯವೂ ವೃದ್ಧಿಯಾಗಲಿದ್ದು, ಯೋಗವು ನಮ್ಮ ಜೀವನದ ಅವಿಭಾಜ್ಯ ಅಂಗವಾಗಬೇಕು ಎಂದು ತಾಲ್ಲೂಕಿನ ವೇಮಗಲ್ ಸರ್ಕಾರಿ ಪಿಯು ಕಾಲೇಜಿನ ಪ್ರಾಂಶುಪಾಲ ಎಸ್.ನಾಗರಾಜ್ ತಿಳಿಸಿದರು. ಕಾಲೇಜಿನ ಆವರಣದಲ್ಲಿ ಅಂತಾರಾಷ್ಟ್ರೀಯ ಯೋಗ ದಿನಾಚರಣೆ ಅಂಗವಾಗಿ ಯೋಗ ಶಿಕ್ಷಕರಿಂದ ವಿದ್ಯಾರ್ಥಿಗಳಿಗೆ ಯೋಗಾಭ್ಯಾಸ ಮಾಡಿಸಲಾಯಿತು. 150 ವಿದ್ಯಾರ್ಥಿಗಳು ಪಾಲ್ಗೊಂಡಿದ್ದರು.

ಎಂದು ಕಿವಿಮಾತು ಹೇಳಿ,ಒಳ್ಳೆಯ ಆರೋಗ್ಯ ಕಾಪಾಡಿಕೊಳ್ಳಲು ಯೋಗ ಸಹಕಾರಿ ಎಂದು ತಿಳಿಸಿದರು. ವಿದ್ಯಾರ್ಥಿಗಳು ದಿನನಿತ್ಯ ಯೋಗಾಭ್ಯಾಸ ಮಾಡುವುದರಿಂದ ಓದಿನಲ್ಲಿ ಏಕಾಗ್ರತೆ ಸಾಧಿಸಬಹುದು ಎಂದರು.
ಆಹಾರ ಪದ್ಧತಿಯಿಂದಾಗಿ ಅನೇಕ ಕಾಯಿಲೆಗಳು ನಮ್ಮನ್ನು ಆವರಿಸುತ್ತಿವೆ. ಇಂತಹ ಸಂದರ್ಭದಲ್ಲಿ ಯೋಗಾಭ್ಯಾಸ ನಮ್ಮ ಆರೋಗ್ಯವನ್ನು ಕಾಪಾಡುತ್ತದೆ. ಕಾಲೇಜಿನ ಉಪನ್ಯಾಸಕರು, ಸಿಬ್ಬಂದಿ ಹಾಜರಿದ್ದರು.
ನಿಮ್ಮಲ್ಲಿ ಹೊಸ ಚೈತನ್ಯ ಮೂಡಿ ಒಂದಿಲ್ಲೊಂದು ಸಾಧನೆ ಮಾಡಲು ಸಾಧ್ಯವಾಗುತ್ತದೆ. ಯೋಗದಿಂದ ಮನಸ್ಸಿನ ಚಂಚಲತೆ ದೂರವಾಗಿ ಏಕಾಗ್ರತೆ ಹೆಚ್ಚುತ್ತದೆ. ಇದರಿಂದ ಓದಿನಲ್ಲಿ ಉತ್ತಮ ಸಾಧನೆ ಮಾಡಬಹುದು ಎಂದು ಯೋಗ ಶಿಕ್ಷಕರು ತಿಳಿಸಿದರು. ಉಪನ್ಯಾಸಕರಾದ ಶ್ರೀನಿವಾಸ್, ಮಂಜುನಾಥ್, ಗೀತಾ, ರಾಜೇಶ್ವರಿ ಸೇರಿದಂತೆ ಹಲವರು ಇದ್ದರು. ವಿದ್ಯಾರ್ಥಿಗಳು ಸೂರ್ಯ ನಮಸ್ಕಾರ, ತಾಡಾಸನ, ವೃಕ್ಷಾಸನ ಸೇರಿದಂತೆ ಹಲವು ಆಸನಗಳನ್ನು ಮಾಡಿದರು.
ವೇತನ ಆಯೋಗದಿಂದಾದ
ಅನ್ಯಾಯದ ಕುರಿತು ಚರ್ಚೆ

ಕೋಲಾರ: ಕರ್ನಾಟಕ ರಾಜ್ಯ ನಿವೃತ್ತ ನೌಕರರ ವೇದಿಕೆ - ಜಿಲ್ಲಾ ಸಮಿತಿ ಕೋಲಾರ ವತಿಯಿಂದ ಕೋಲಾರ ಜಿಲ್ಲೆಯ 366 ಸದಸ್ಯರಿಗೆ 7ನೇ ವೇತನ ಆಯೋಗದಲ್ಲಿ ಆಗಿರುವ ಅನ್ಯಾಯದ ಕುರಿತು ಚರ್ಚಿಸಲು ಜೂ.23 ರಂದು ಬೆಳಗ್ಗೆ 10-30 ಗಂಟೆಗೆ ನಗರದ ಸೆಂಟ್ ಆನ್ ಗೈಡ್ಸ್ ಭವನದಲ್ಲಿ ಸಮಾಲೋಚನಾ ಸಭೆ ಏರ್ಪಡಿಸಲಾಗಿದೆ. ದಿನಾಂಕ 11.08.2024 ರಂದು ಇಂದಿನಿವರೆಗೆ ಕೋಲಾರ ಜಿಲ್ಲೆಯ ರಾಜ್ಯ ಸಂಘಟಕ ಹಾಗೂ ಆರನೇ ವೇತನ ಆಯೋಗದ ಸಮಯದಲ್ಲಿ ಆಗಿರುವ ಅನ್ಯಾಯ ಸರಿಪಡಿಸುವಂತೆ ಒತ್ತಾಯಿಸಲಾಗಿದೆ.

ಕರ್ನಾಟಕ ರಾಜ್ಯ ನಿವೃತ್ತ ನೌಕರರ ವೇದಿಕೆ ಸಭೆ ಇಂದು
ಮಾಡುತ್ತಿದ್ದಾರೆ. ರಾಜ್ಯ ಸರ್ಕಾರ ಅವರ ಮನವಿಗೆ ಸ್ಪಂದಿಸಿ ಸಮಸ್ಯೆ ಬಗೆಹರಿಸಬೇಕಾಗಿದೆ. ಈ ನಿಟ್ಟಿನಲ್ಲಿ ನಿವೃತ್ತ ನೌಕರರು ಹೋರಾಟ ನಡೆಸಲು ತೀರ್ಮಾನಿಸಿದ್ದು ಹೆಚ್ಚಿನ ಸಂಖ್ಯೆಯಲ್ಲಿ ಸಭೆಗೆ ಆಗಮಿಸಬೇಕೆಂದು ಮನವಿ ಮಾಡಿದ್ದಾರೆ. ಎಂದಿನಂತೆ ಬೆಳಗ್ಗೆ ಹಾಜರಾಗಿ ಸಭೆಯನ್ನು ಯಶಸ್ವಿಗೊಳಿಸಬೇಕೆಂದು ಜಿಲ್ಲಾಧ್ಯಕ್ಷರು ಕೋರಿದ್ದಾರೆ.
